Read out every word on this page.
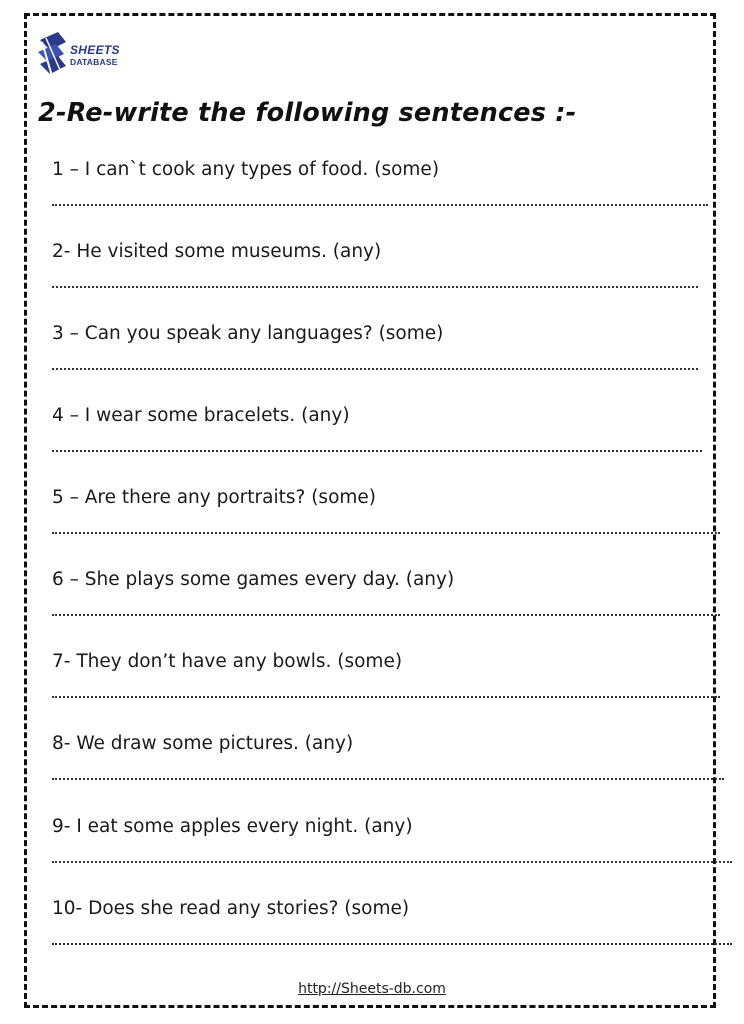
SHEETS
DATABASE
2-Re-write the following sentences :-
1 – I can`t cook any types of food. (some)
2- He visited some museums. (any)
3 – Can you speak any languages? (some)
4 – I wear some bracelets. (any)
5 – Are there any portraits? (some)
6 – She plays some games every day. (any)
7- They don’t have any bowls. (some)
8- We draw some pictures. (any)
9- I eat some apples every night. (any)
10- Does she read any stories? (some)
http://Sheets-db.com
